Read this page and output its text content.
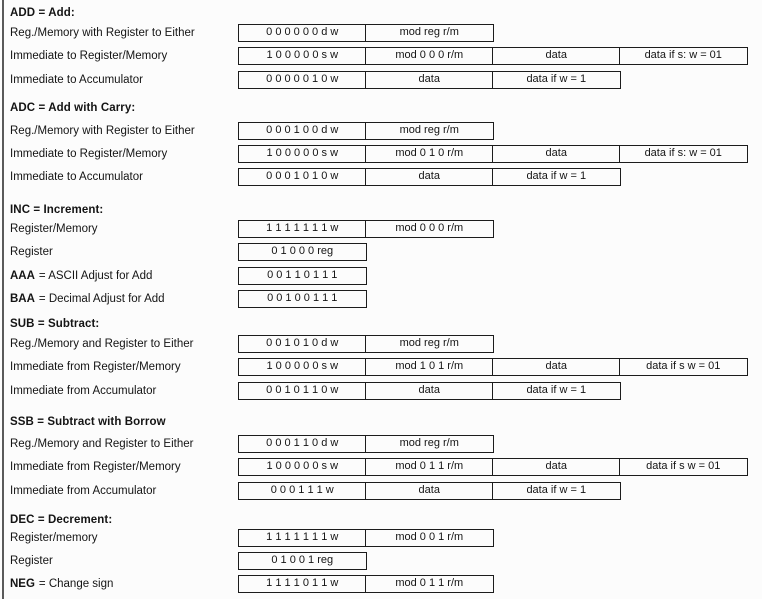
ADD = Add:
Reg./Memory with Register to Either	0 0 0 0 0 0 d w	mod reg r/m
Immediate to Register/Memory	1 0 0 0 0 0 s w	mod 0 0 0 r/m	data	data if s: w = 01
Immediate to Accumulator	0 0 0 0 0 1 0 w	data	data if w = 1
ADC = Add with Carry:
Reg./Memory with Register to Either	0 0 0 1 0 0 d w	mod reg r/m
Immediate to Register/Memory	1 0 0 0 0 0 s w	mod 0 1 0 r/m	data	data if s: w = 01
Immediate to Accumulator	0 0 0 1 0 1 0 w	data	data if w = 1
INC = Increment:
Register/Memory	1 1 1 1 1 1 1 w	mod 0 0 0 r/m
Register	0 1 0 0 0 reg
AAA = ASCII Adjust for Add	0 0 1 1 0 1 1 1
BAA = Decimal Adjust for Add	0 0 1 0 0 1 1 1
SUB = Subtract:
Reg./Memory and Register to Either	0 0 1 0 1 0 d w	mod reg r/m
Immediate from Register/Memory	1 0 0 0 0 0 s w	mod 1 0 1 r/m	data	data if s w = 01
Immediate from Accumulator	0 0 1 0 1 1 0 w	data	data if w = 1
SSB = Subtract with Borrow
Reg./Memory and Register to Either	0 0 0 1 1 0 d w	mod reg r/m
Immediate from Register/Memory	1 0 0 0 0 0 s w	mod 0 1 1 r/m	data	data if s w = 01
Immediate from Accumulator	0 0 0 1 1 1 w	data	data if w = 1
DEC = Decrement:
Register/memory	1 1 1 1 1 1 1 w	mod 0 0 1 r/m
Register	0 1 0 0 1 reg
NEG = Change sign	1 1 1 1 0 1 1 w	mod 0 1 1 r/m
